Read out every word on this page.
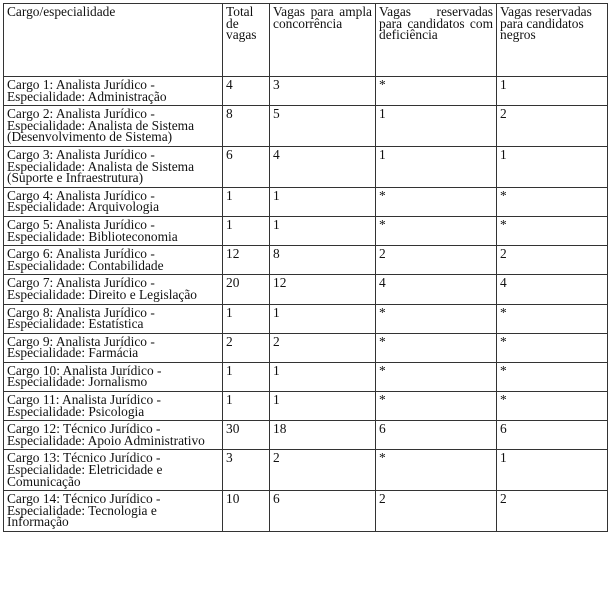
Cargo/especialidade	Total de vagas	Vagas para ampla concorrência	Vagas reservadas para candidatos com deficiência	Vagas reservadas para candidatos negros
Cargo 1: Analista Jurídico - Especialidade: Administração	4	3	*	1
Cargo 2: Analista Jurídico - Especialidade: Analista de Sistema (Desenvolvimento de Sistema)	8	5	1	2
Cargo 3: Analista Jurídico - Especialidade: Analista de Sistema (Suporte e Infraestrutura)	6	4	1	1
Cargo 4: Analista Jurídico - Especialidade: Arquivologia	1	1	*	*
Cargo 5: Analista Jurídico - Especialidade: Biblioteconomia	1	1	*	*
Cargo 6: Analista Jurídico - Especialidade: Contabilidade	12	8	2	2
Cargo 7: Analista Jurídico - Especialidade: Direito e Legislação	20	12	4	4
Cargo 8: Analista Jurídico - Especialidade: Estatística	1	1	*	*
Cargo 9: Analista Jurídico - Especialidade: Farmácia	2	2	*	*
Cargo 10: Analista Jurídico - Especialidade: Jornalismo	1	1	*	*
Cargo 11: Analista Jurídico - Especialidade: Psicologia	1	1	*	*
Cargo 12: Técnico Jurídico - Especialidade: Apoio Administrativo	30	18	6	6
Cargo 13: Técnico Jurídico - Especialidade: Eletricidade e Comunicação	3	2	*	1
Cargo 14: Técnico Jurídico - Especialidade: Tecnologia e Informação	10	6	2	2
